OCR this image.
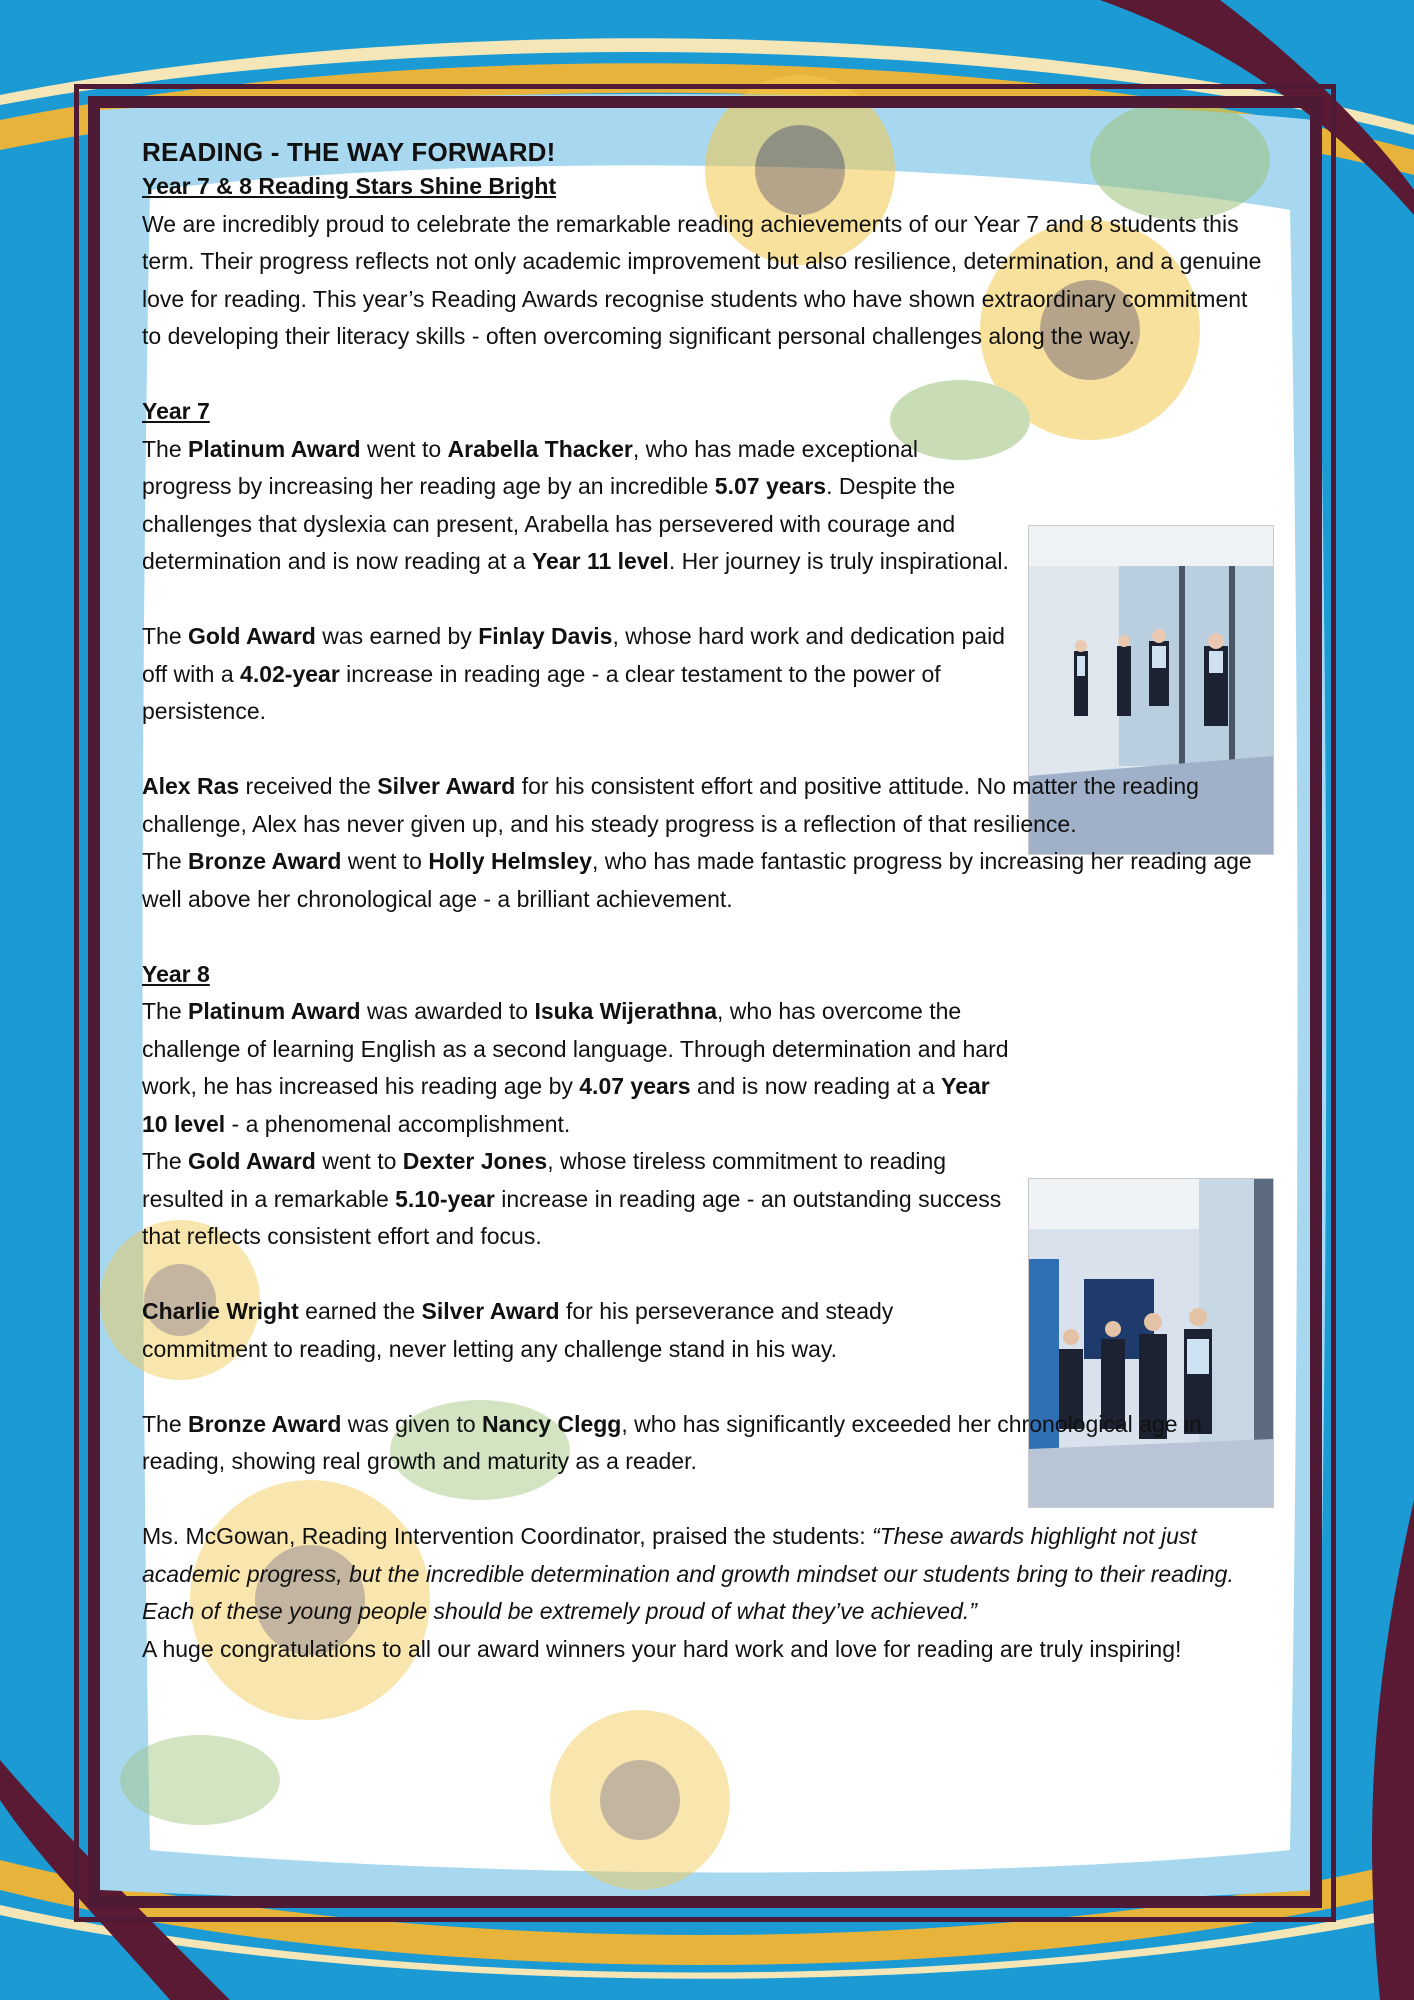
READING - THE WAY FORWARD!

Year 7 & 8 Reading Stars Shine Bright

We are incredibly proud to celebrate the remarkable reading achievements of our Year 7 and 8 students this term. Their progress reflects not only academic improvement but also resilience, determination, and a genuine love for reading. This year’s Reading Awards recognise students who have shown extraordinary commitment to developing their literacy skills - often overcoming significant personal challenges along the way.

Year 7

The Platinum Award went to Arabella Thacker, who has made exceptional progress by increasing her reading age by an incredible 5.07 years. Despite the challenges that dyslexia can present, Arabella has persevered with courage and determination and is now reading at a Year 11 level. Her journey is truly inspirational.

The Gold Award was earned by Finlay Davis, whose hard work and dedication paid off with a 4.02-year increase in reading age - a clear testament to the power of persistence.

Alex Ras received the Silver Award for his consistent effort and positive attitude. No matter the reading challenge, Alex has never given up, and his steady progress is a reflection of that resilience.

The Bronze Award went to Holly Helmsley, who has made fantastic progress by increasing her reading age well above her chronological age - a brilliant achievement.

Year 8

The Platinum Award was awarded to Isuka Wijerathna, who has overcome the challenge of learning English as a second language. Through determination and hard work, he has increased his reading age by 4.07 years and is now reading at a Year 10 level - a phenomenal accomplishment.

The Gold Award went to Dexter Jones, whose tireless commitment to reading resulted in a remarkable 5.10-year increase in reading age - an outstanding success that reflects consistent effort and focus.

Charlie Wright earned the Silver Award for his perseverance and steady commitment to reading, never letting any challenge stand in his way.

The Bronze Award was given to Nancy Clegg, who has significantly exceeded her chronological age in reading, showing real growth and maturity as a reader.

Ms. McGowan, Reading Intervention Coordinator, praised the students: “These awards highlight not just academic progress, but the incredible determination and growth mindset our students bring to their reading. Each of these young people should be extremely proud of what they’ve achieved.”

A huge congratulations to all our award winners your hard work and love for reading are truly inspiring!
